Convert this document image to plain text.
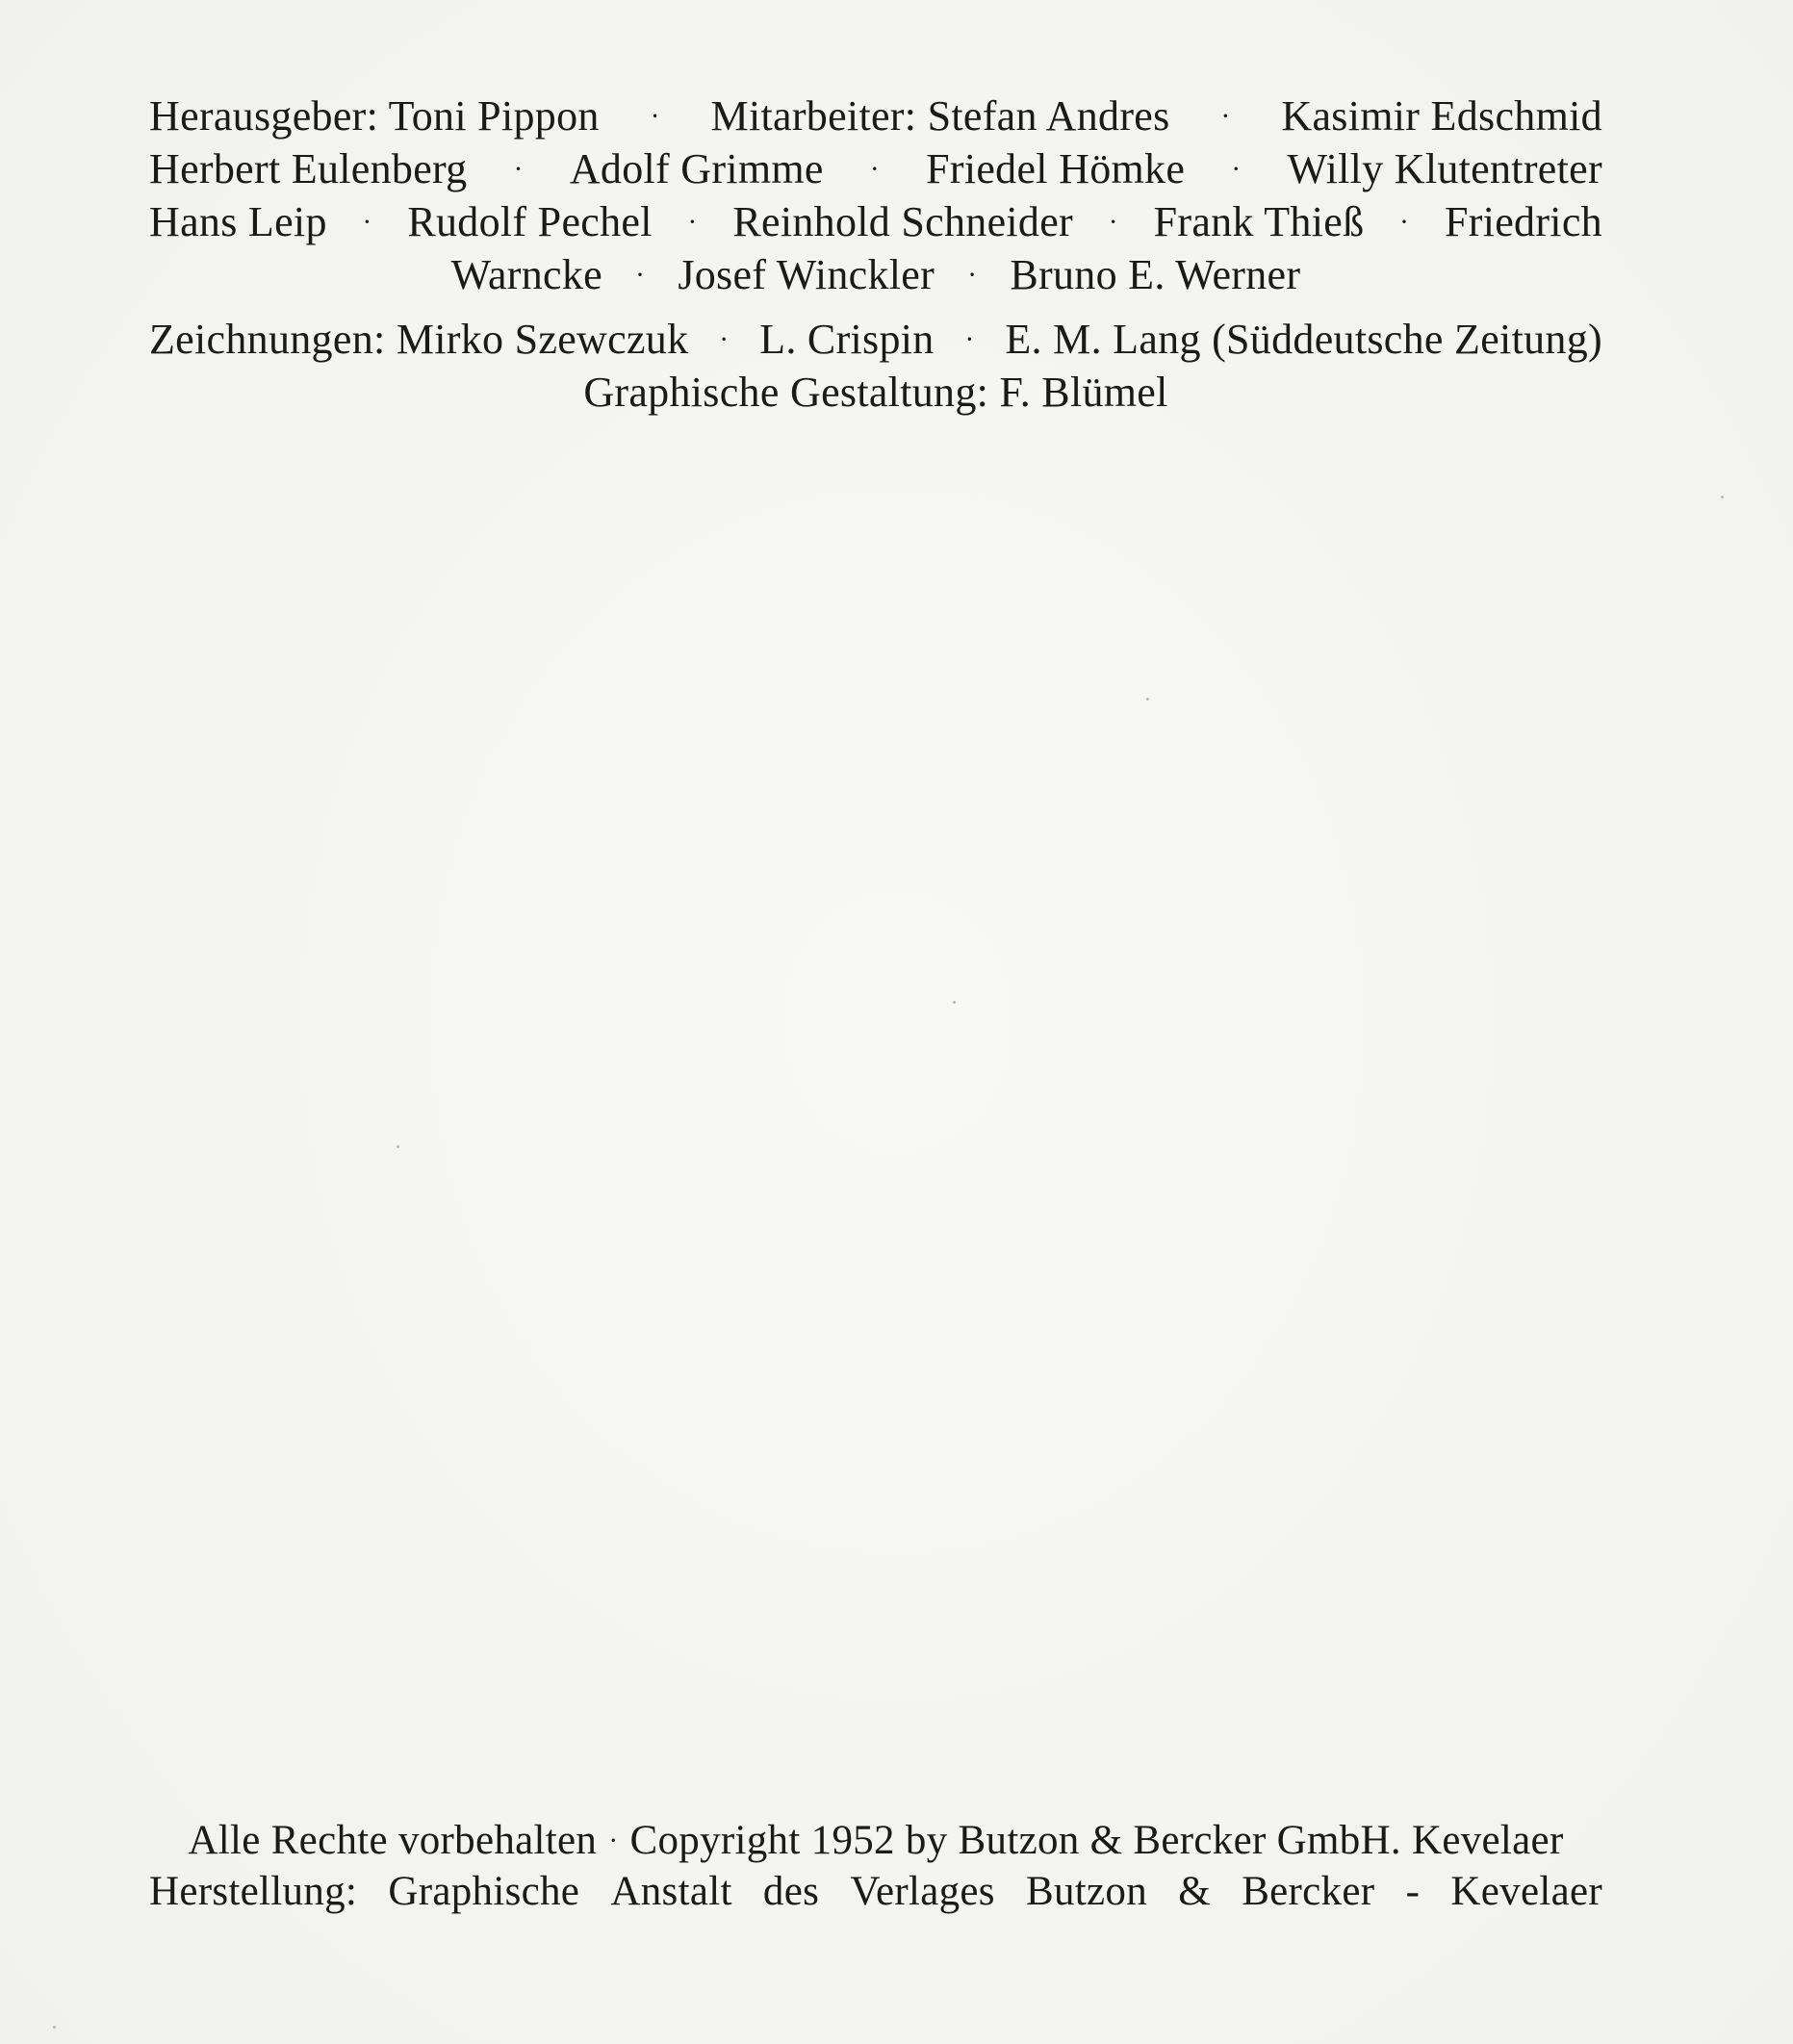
Herausgeber: Toni Pippon · Mitarbeiter: Stefan Andres · Kasimir Edschmid
Herbert Eulenberg · Adolf Grimme · Friedel Hömke · Willy Klutentreter
Hans Leip · Rudolf Pechel · Reinhold Schneider · Frank Thieß · Friedrich
Warncke · Josef Winckler · Bruno E. Werner
Zeichnungen: Mirko Szewczuk · L. Crispin · E. M. Lang (Süddeutsche Zeitung)
Graphische Gestaltung: F. Blümel
Alle Rechte vorbehalten · Copyright 1952 by Butzon & Bercker GmbH. Kevelaer
Herstellung: Graphische Anstalt des Verlages Butzon & Bercker - Kevelaer
